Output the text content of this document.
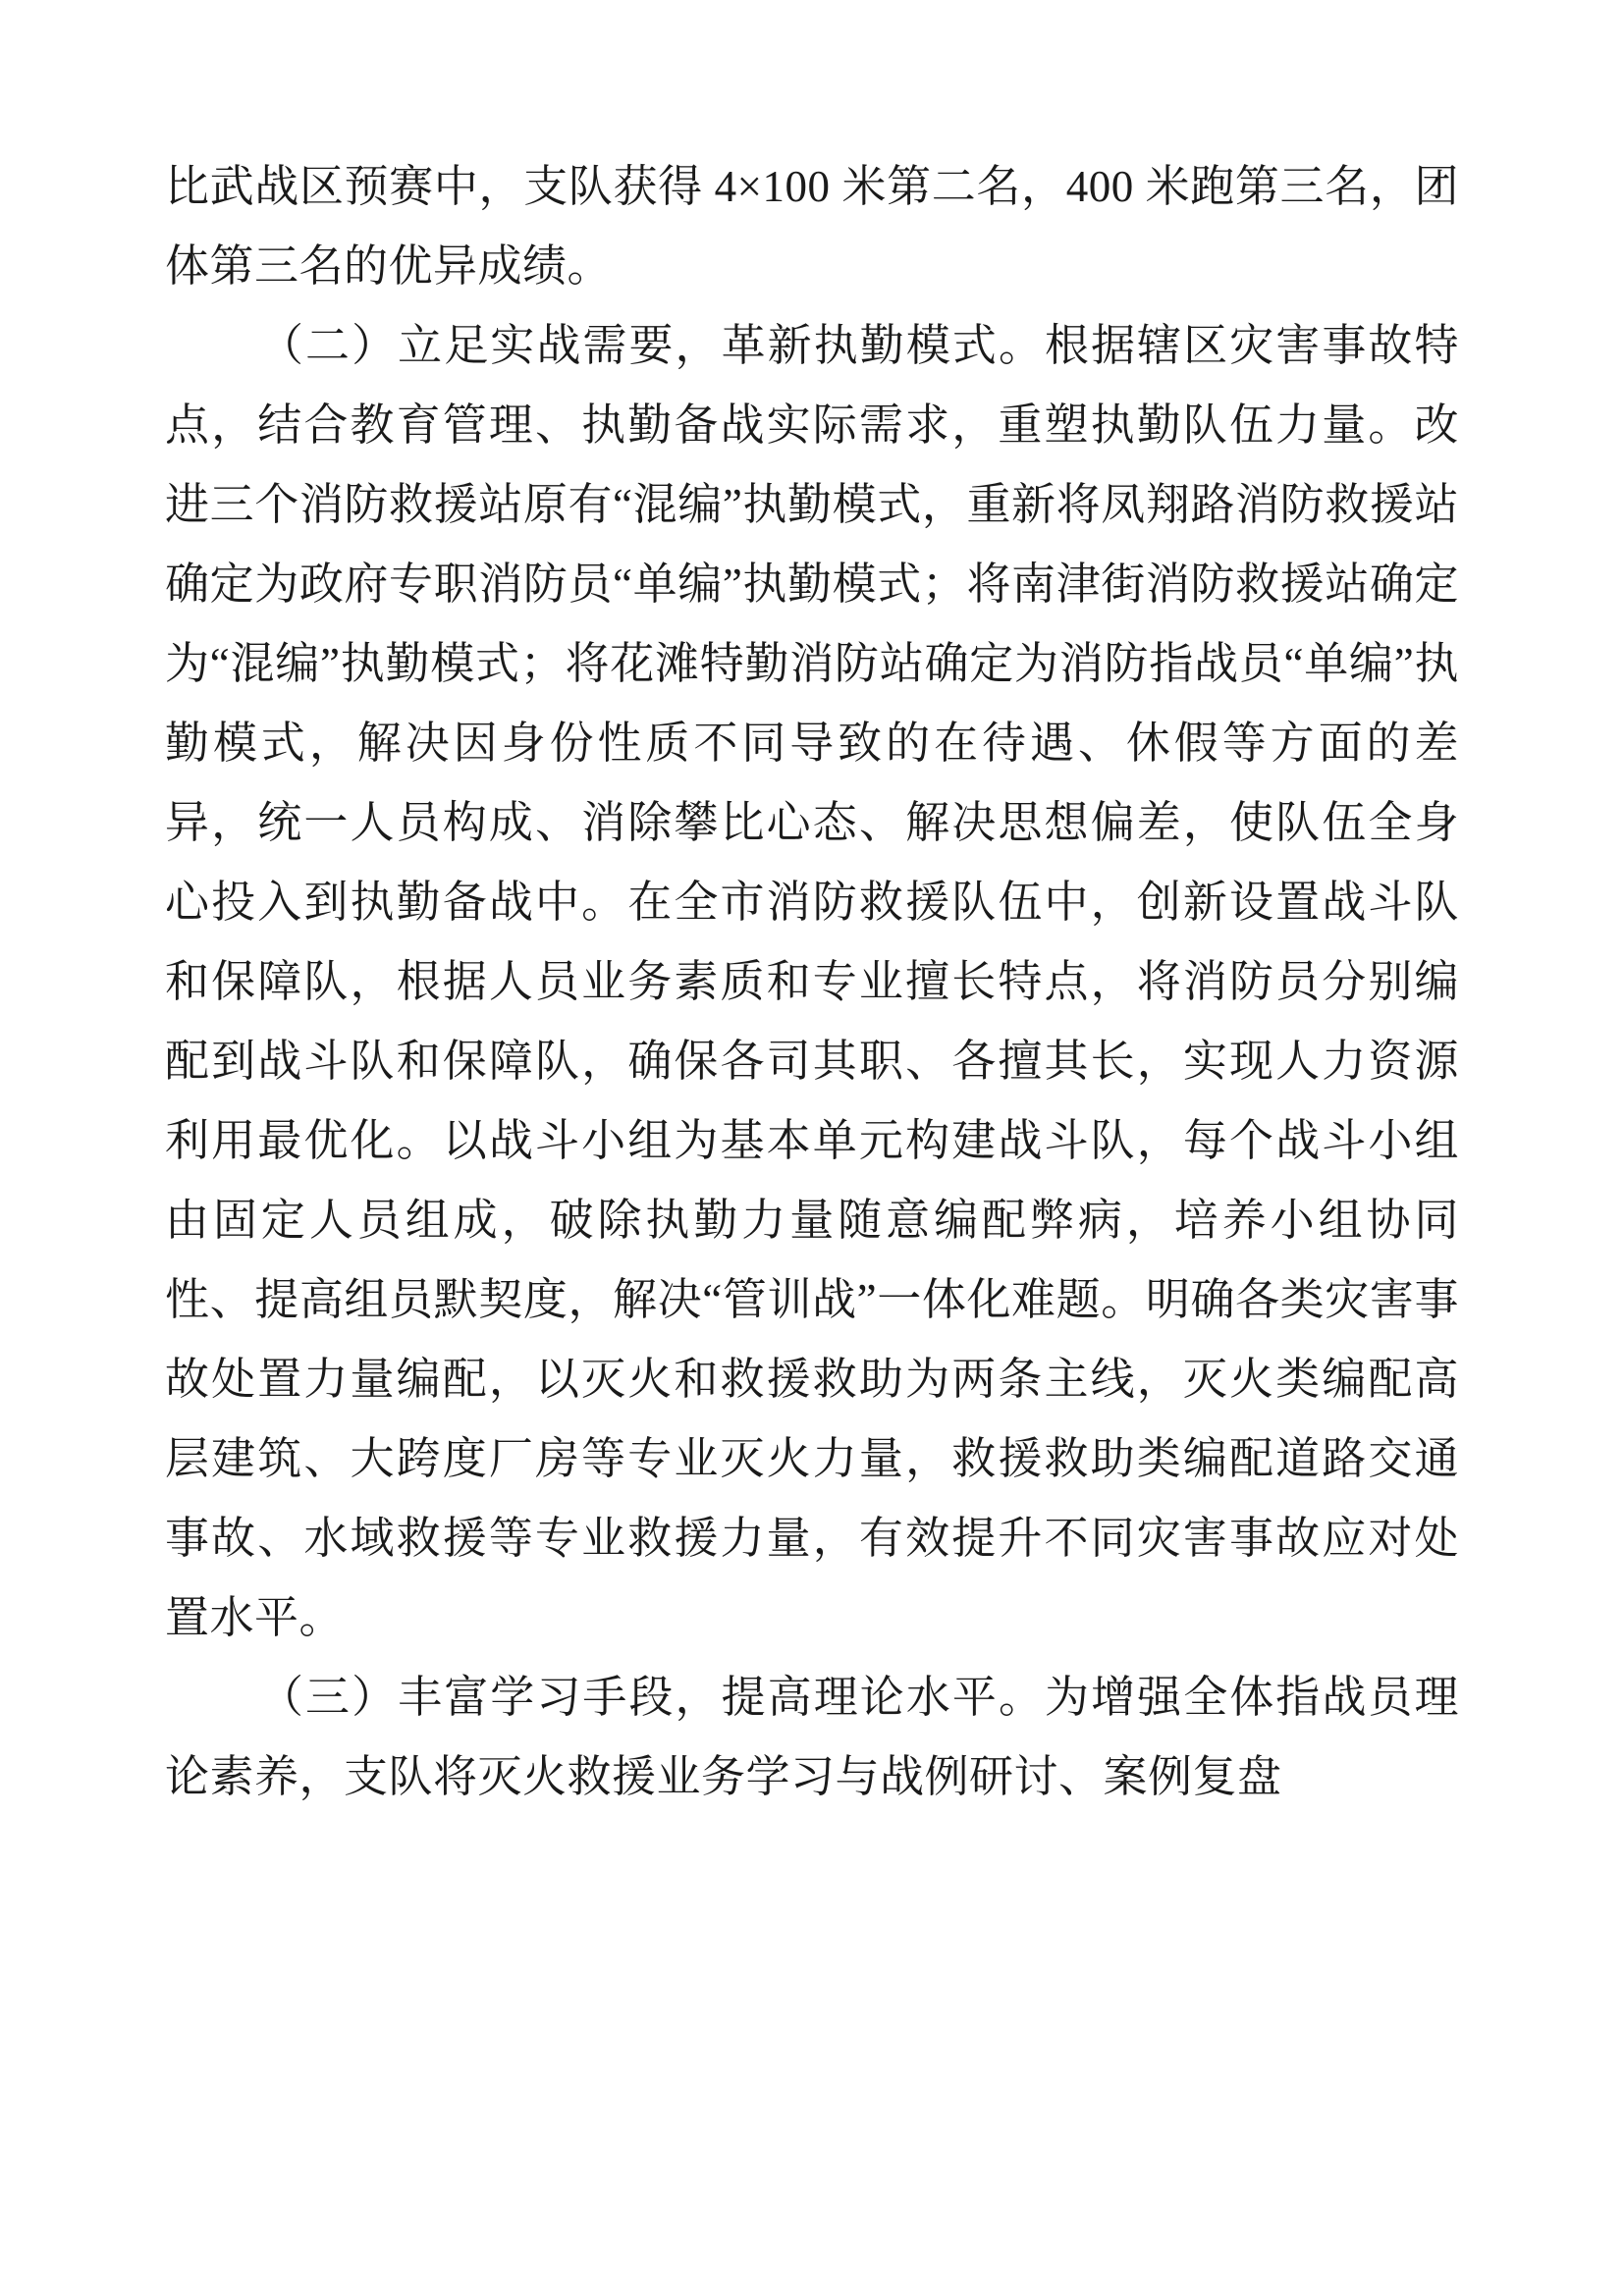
比武战区预赛中，支队获得 4×100 米第二名，400 米跑第三名，团体第三名的优异成绩。

（二）立足实战需要，革新执勤模式。根据辖区灾害事故特点，结合教育管理、执勤备战实际需求，重塑执勤队伍力量。改进三个消防救援站原有“混编”执勤模式，重新将凤翔路消防救援站确定为政府专职消防员“单编”执勤模式；将南津街消防救援站确定为“混编”执勤模式；将花滩特勤消防站确定为消防指战员“单编”执勤模式，解决因身份性质不同导致的在待遇、休假等方面的差异，统一人员构成、消除攀比心态、解决思想偏差，使队伍全身心投入到执勤备战中。在全市消防救援队伍中，创新设置战斗队和保障队，根据人员业务素质和专业擅长特点，将消防员分别编配到战斗队和保障队，确保各司其职、各擅其长，实现人力资源利用最优化。以战斗小组为基本单元构建战斗队，每个战斗小组由固定人员组成，破除执勤力量随意编配弊病，培养小组协同性、提高组员默契度，解决“管训战”一体化难题。明确各类灾害事故处置力量编配，以灭火和救援救助为两条主线，灭火类编配高层建筑、大跨度厂房等专业灭火力量，救援救助类编配道路交通事故、水域救援等专业救援力量，有效提升不同灾害事故应对处置水平。

（三）丰富学习手段，提高理论水平。为增强全体指战员理论素养，支队将灭火救援业务学习与战例研讨、案例复盘
